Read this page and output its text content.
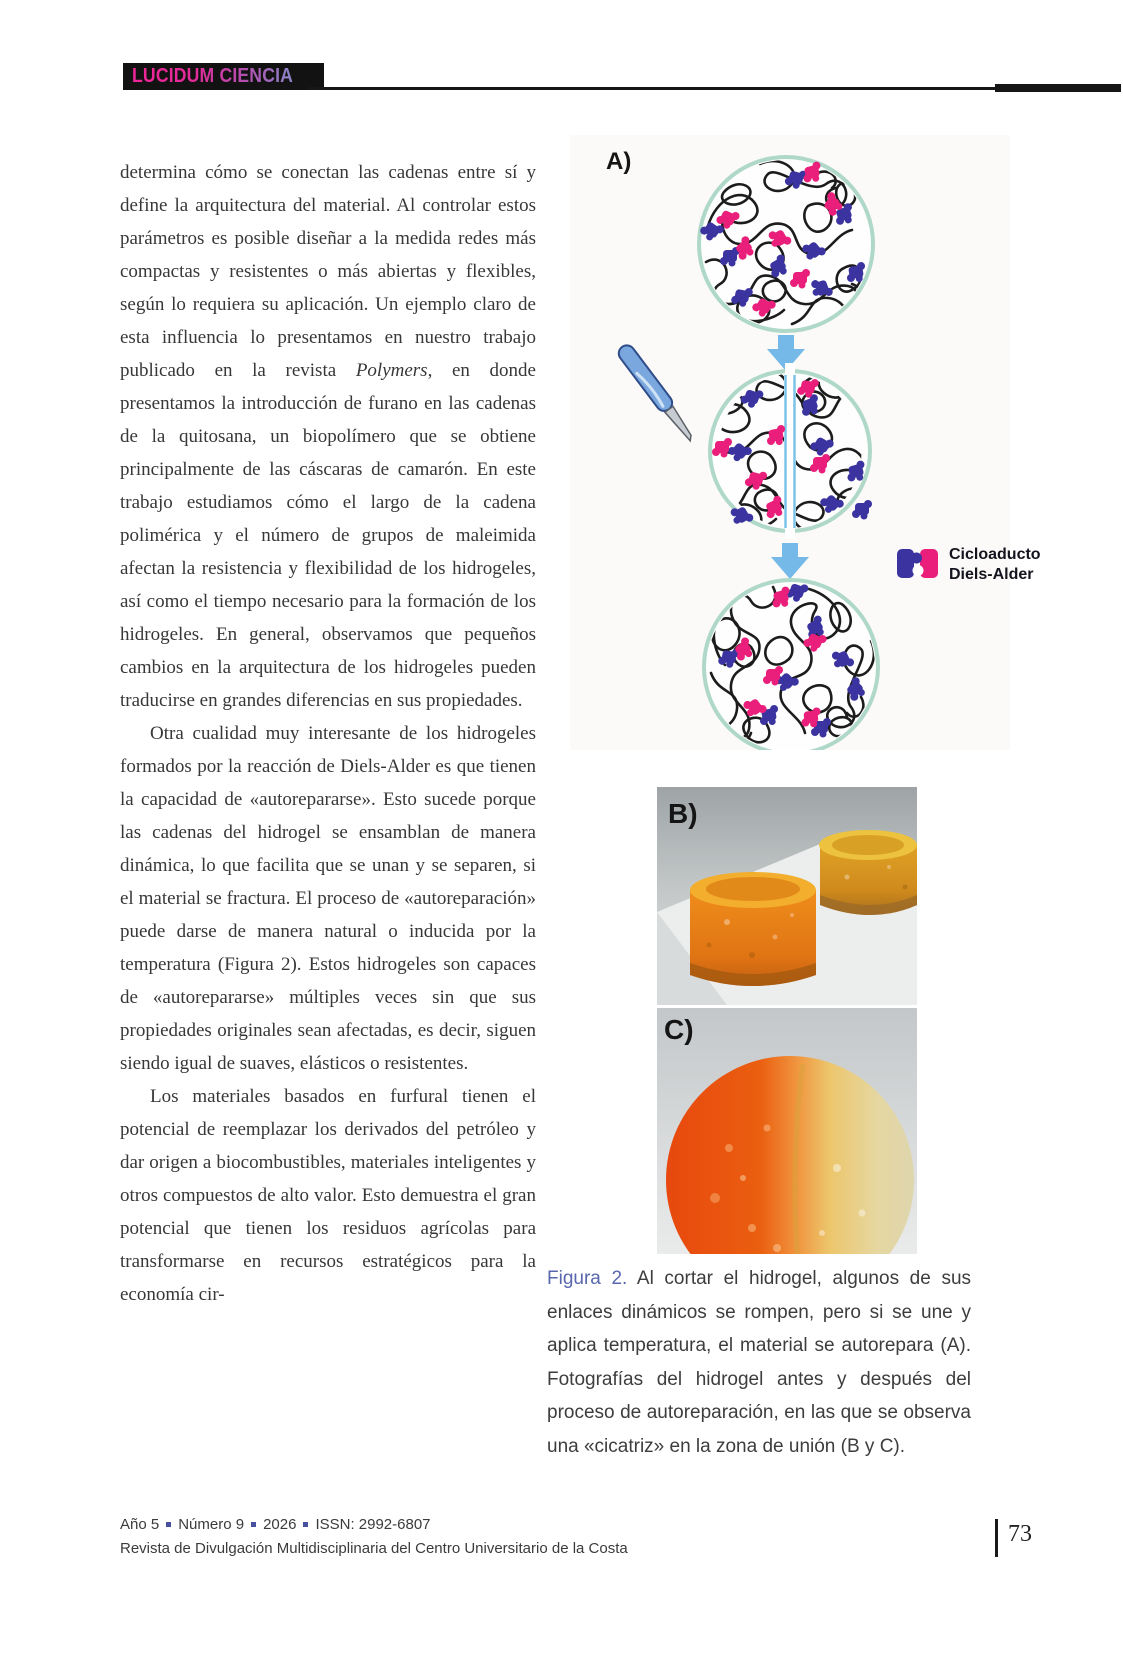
LUCIDUM CIENCIA

determina cómo se conectan las cadenas entre sí y define la arquitectura del material. Al controlar estos parámetros es posible diseñar a la medida redes más compactas y resistentes o más abiertas y flexibles, según lo requiera su aplicación. Un ejemplo claro de esta influencia lo presentamos en nuestro trabajo publicado en la revista Polymers, en donde presentamos la introducción de furano en las cadenas de la quitosana, un biopolímero que se obtiene principalmente de las cáscaras de camarón. En este trabajo estudiamos cómo el largo de la cadena polimérica y el número de grupos de maleimida afectan la resistencia y flexibilidad de los hidrogeles, así como el tiempo necesario para la formación de los hidrogeles. En general, observamos que pequeños cambios en la arquitectura de los hidrogeles pueden traducirse en grandes diferencias en sus propiedades.

Otra cualidad muy interesante de los hidrogeles formados por la reacción de Diels-Alder es que tienen la capacidad de «autorepararse». Esto sucede porque las cadenas del hidrogel se ensamblan de manera dinámica, lo que facilita que se unan y se separen, si el material se fractura. El proceso de «autoreparación» puede darse de manera natural o inducida por la temperatura (Figura 2). Estos hidrogeles son capaces de «autorepararse» múltiples veces sin que sus propiedades originales sean afectadas, es decir, siguen siendo igual de suaves, elásticos o resistentes.

Los materiales basados en furfural tienen el potencial de reemplazar los derivados del petróleo y dar origen a biocombustibles, materiales inteligentes y otros compuestos de alto valor. Esto demuestra el gran potencial que tienen los residuos agrícolas para transformarse en recursos estratégicos para la economía cir-

A)
Cicloaducto
Diels-Alder
B)
C)
Figura 2. Al cortar el hidrogel, algunos de sus enlaces dinámicos se rompen, pero si se une y aplica temperatura, el material se autorepara (A). Fotografías del hidrogel antes y después del proceso de autoreparación, en las que se observa una «cicatriz» en la zona de unión (B y C).
Año 5 Número 9 2026 ISSN: 2992-6807
Revista de Divulgación Multidisciplinaria del Centro Universitario de la Costa
73
